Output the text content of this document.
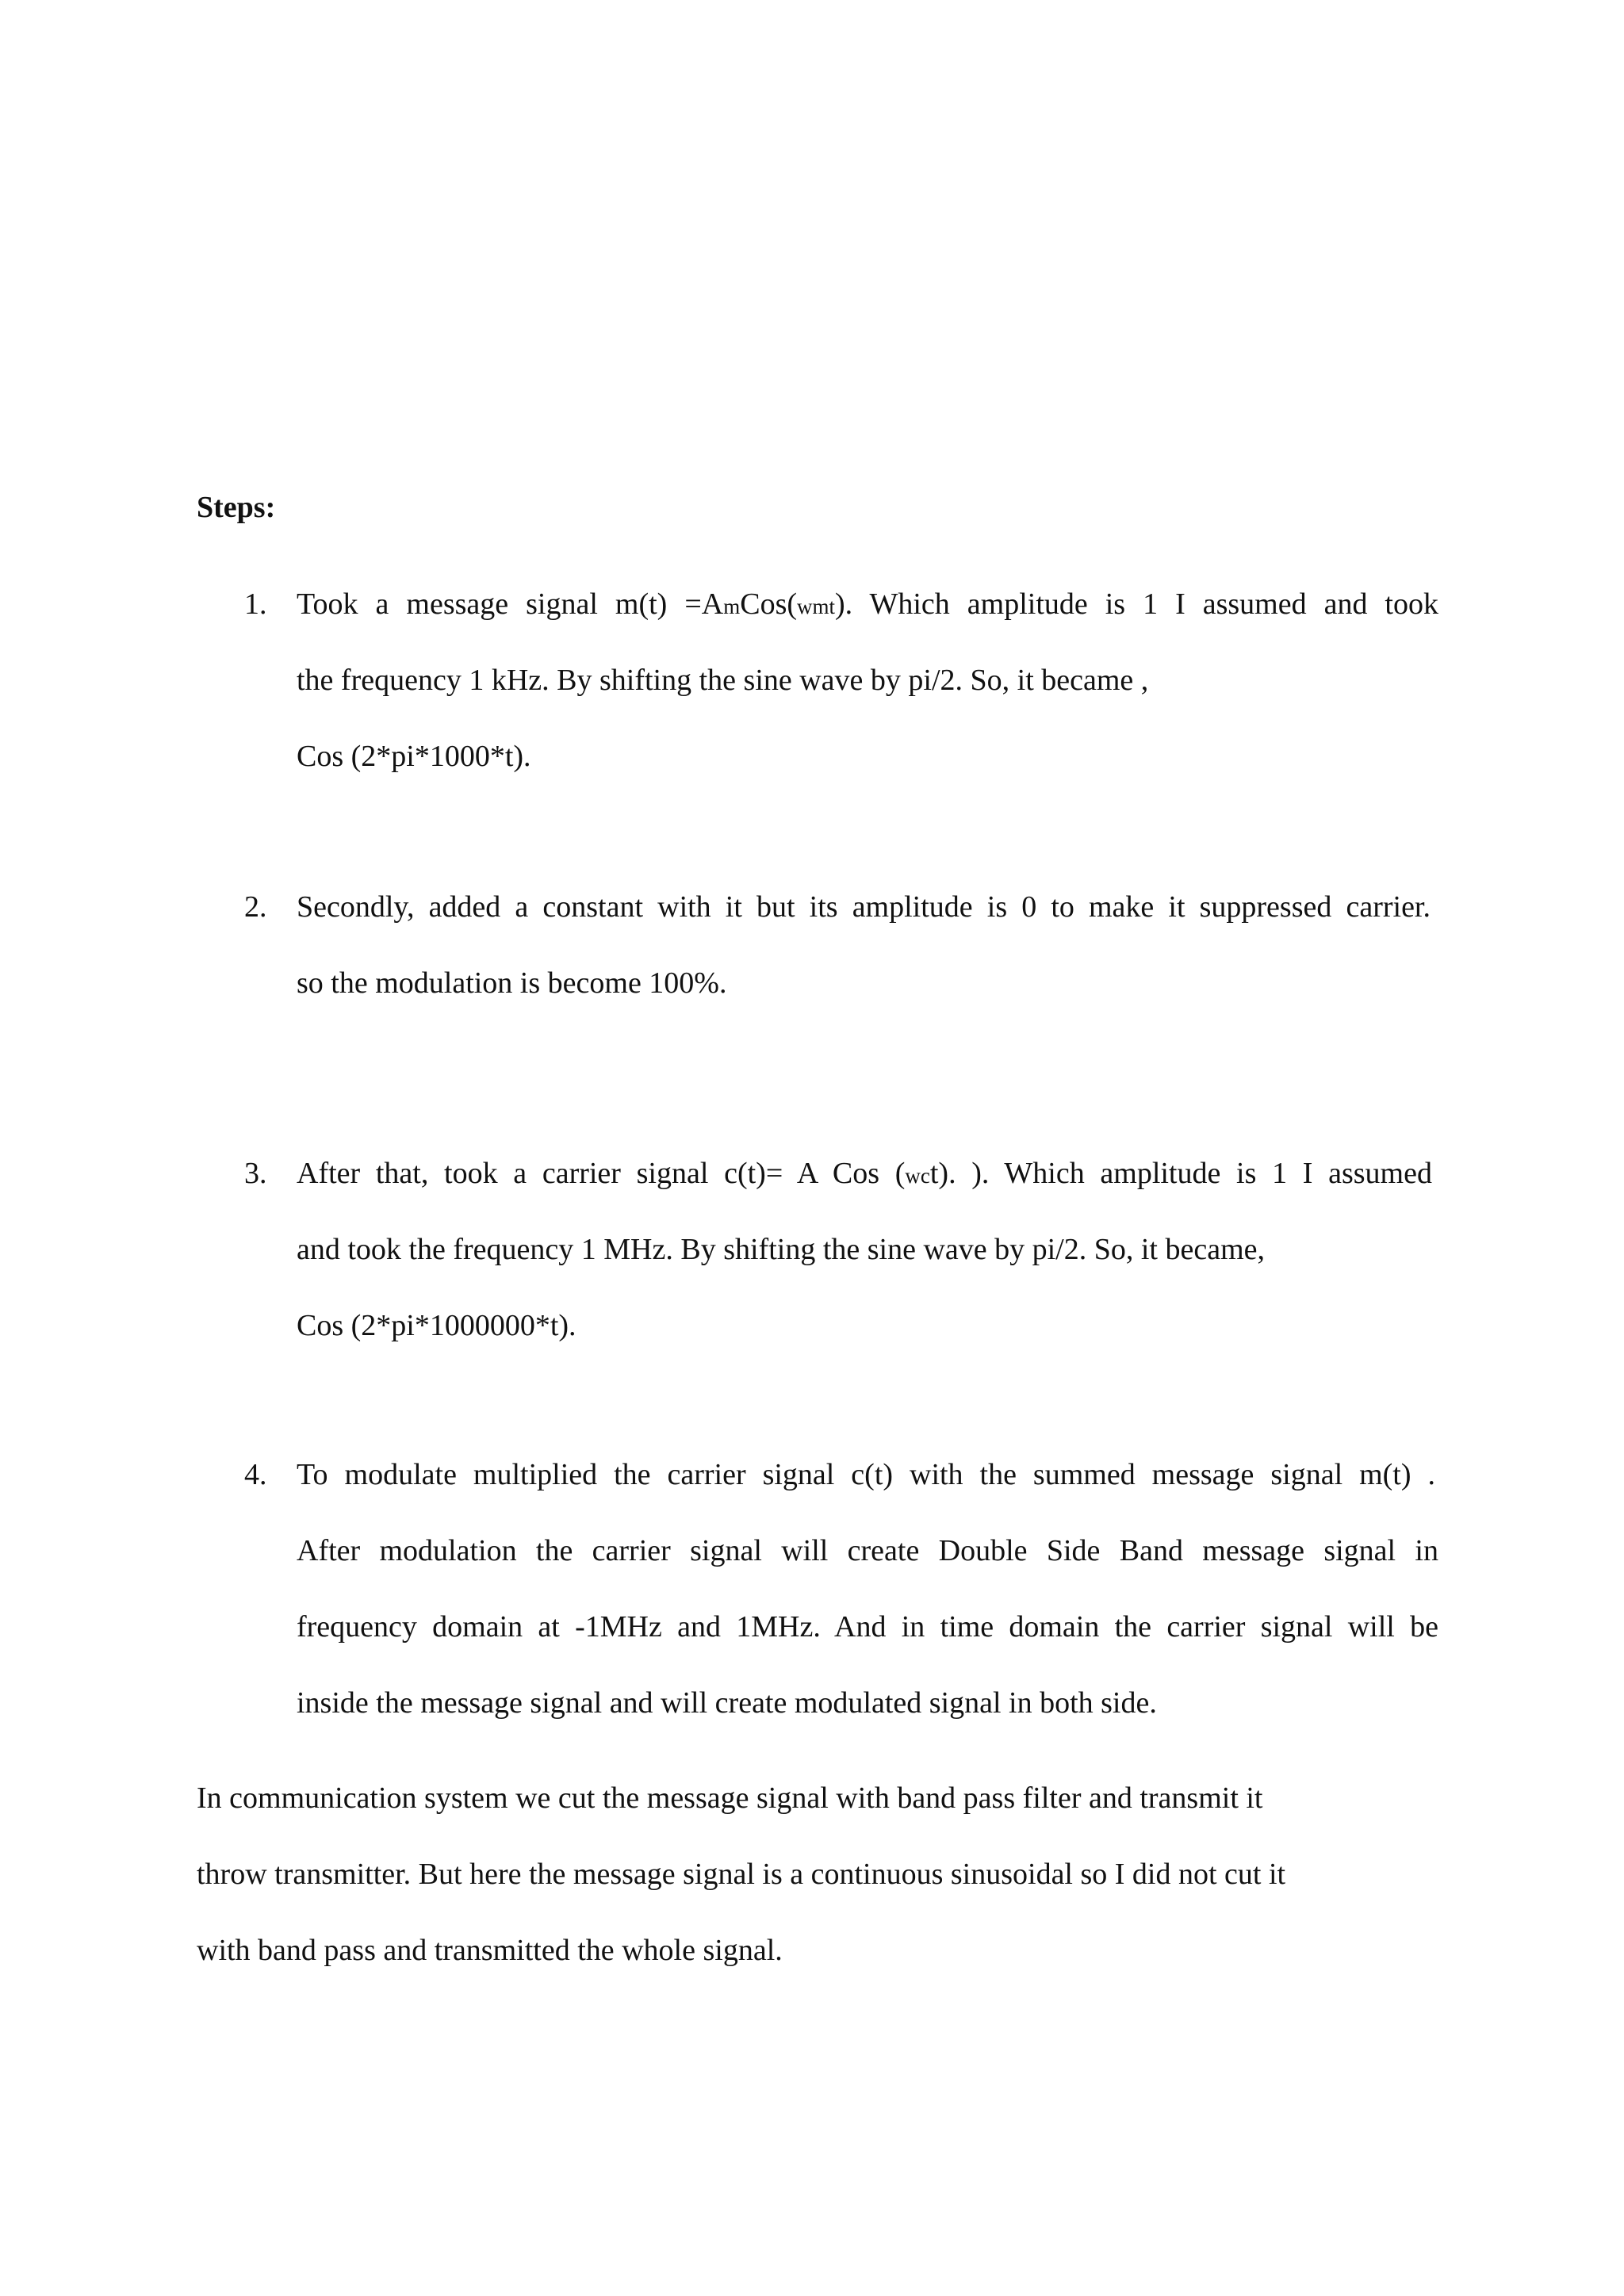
Steps:
1. Took a message signal m(t) =AmCos(wmt). Which amplitude is 1 I assumed and took
the frequency 1 kHz. By shifting the sine wave by pi/2. So, it became ,
Cos (2*pi*1000*t).
2. Secondly, added a constant with it but its amplitude is 0 to make it suppressed carrier.
so the modulation is become 100%.
3. After that, took a carrier signal c(t)= A Cos (wct). ). Which amplitude is 1 I assumed
and took the frequency 1 MHz. By shifting the sine wave by pi/2. So, it became,
Cos (2*pi*1000000*t).
4. To modulate multiplied the carrier signal c(t) with the summed message signal m(t) .
After modulation the carrier signal will create Double Side Band message signal in
frequency domain at -1MHz and 1MHz. And in time domain the carrier signal will be
inside the message signal and will create modulated signal in both side.
In communication system we cut the message signal with band pass filter and transmit it
throw transmitter. But here the message signal is a continuous sinusoidal so I did not cut it
with band pass and transmitted the whole signal.
